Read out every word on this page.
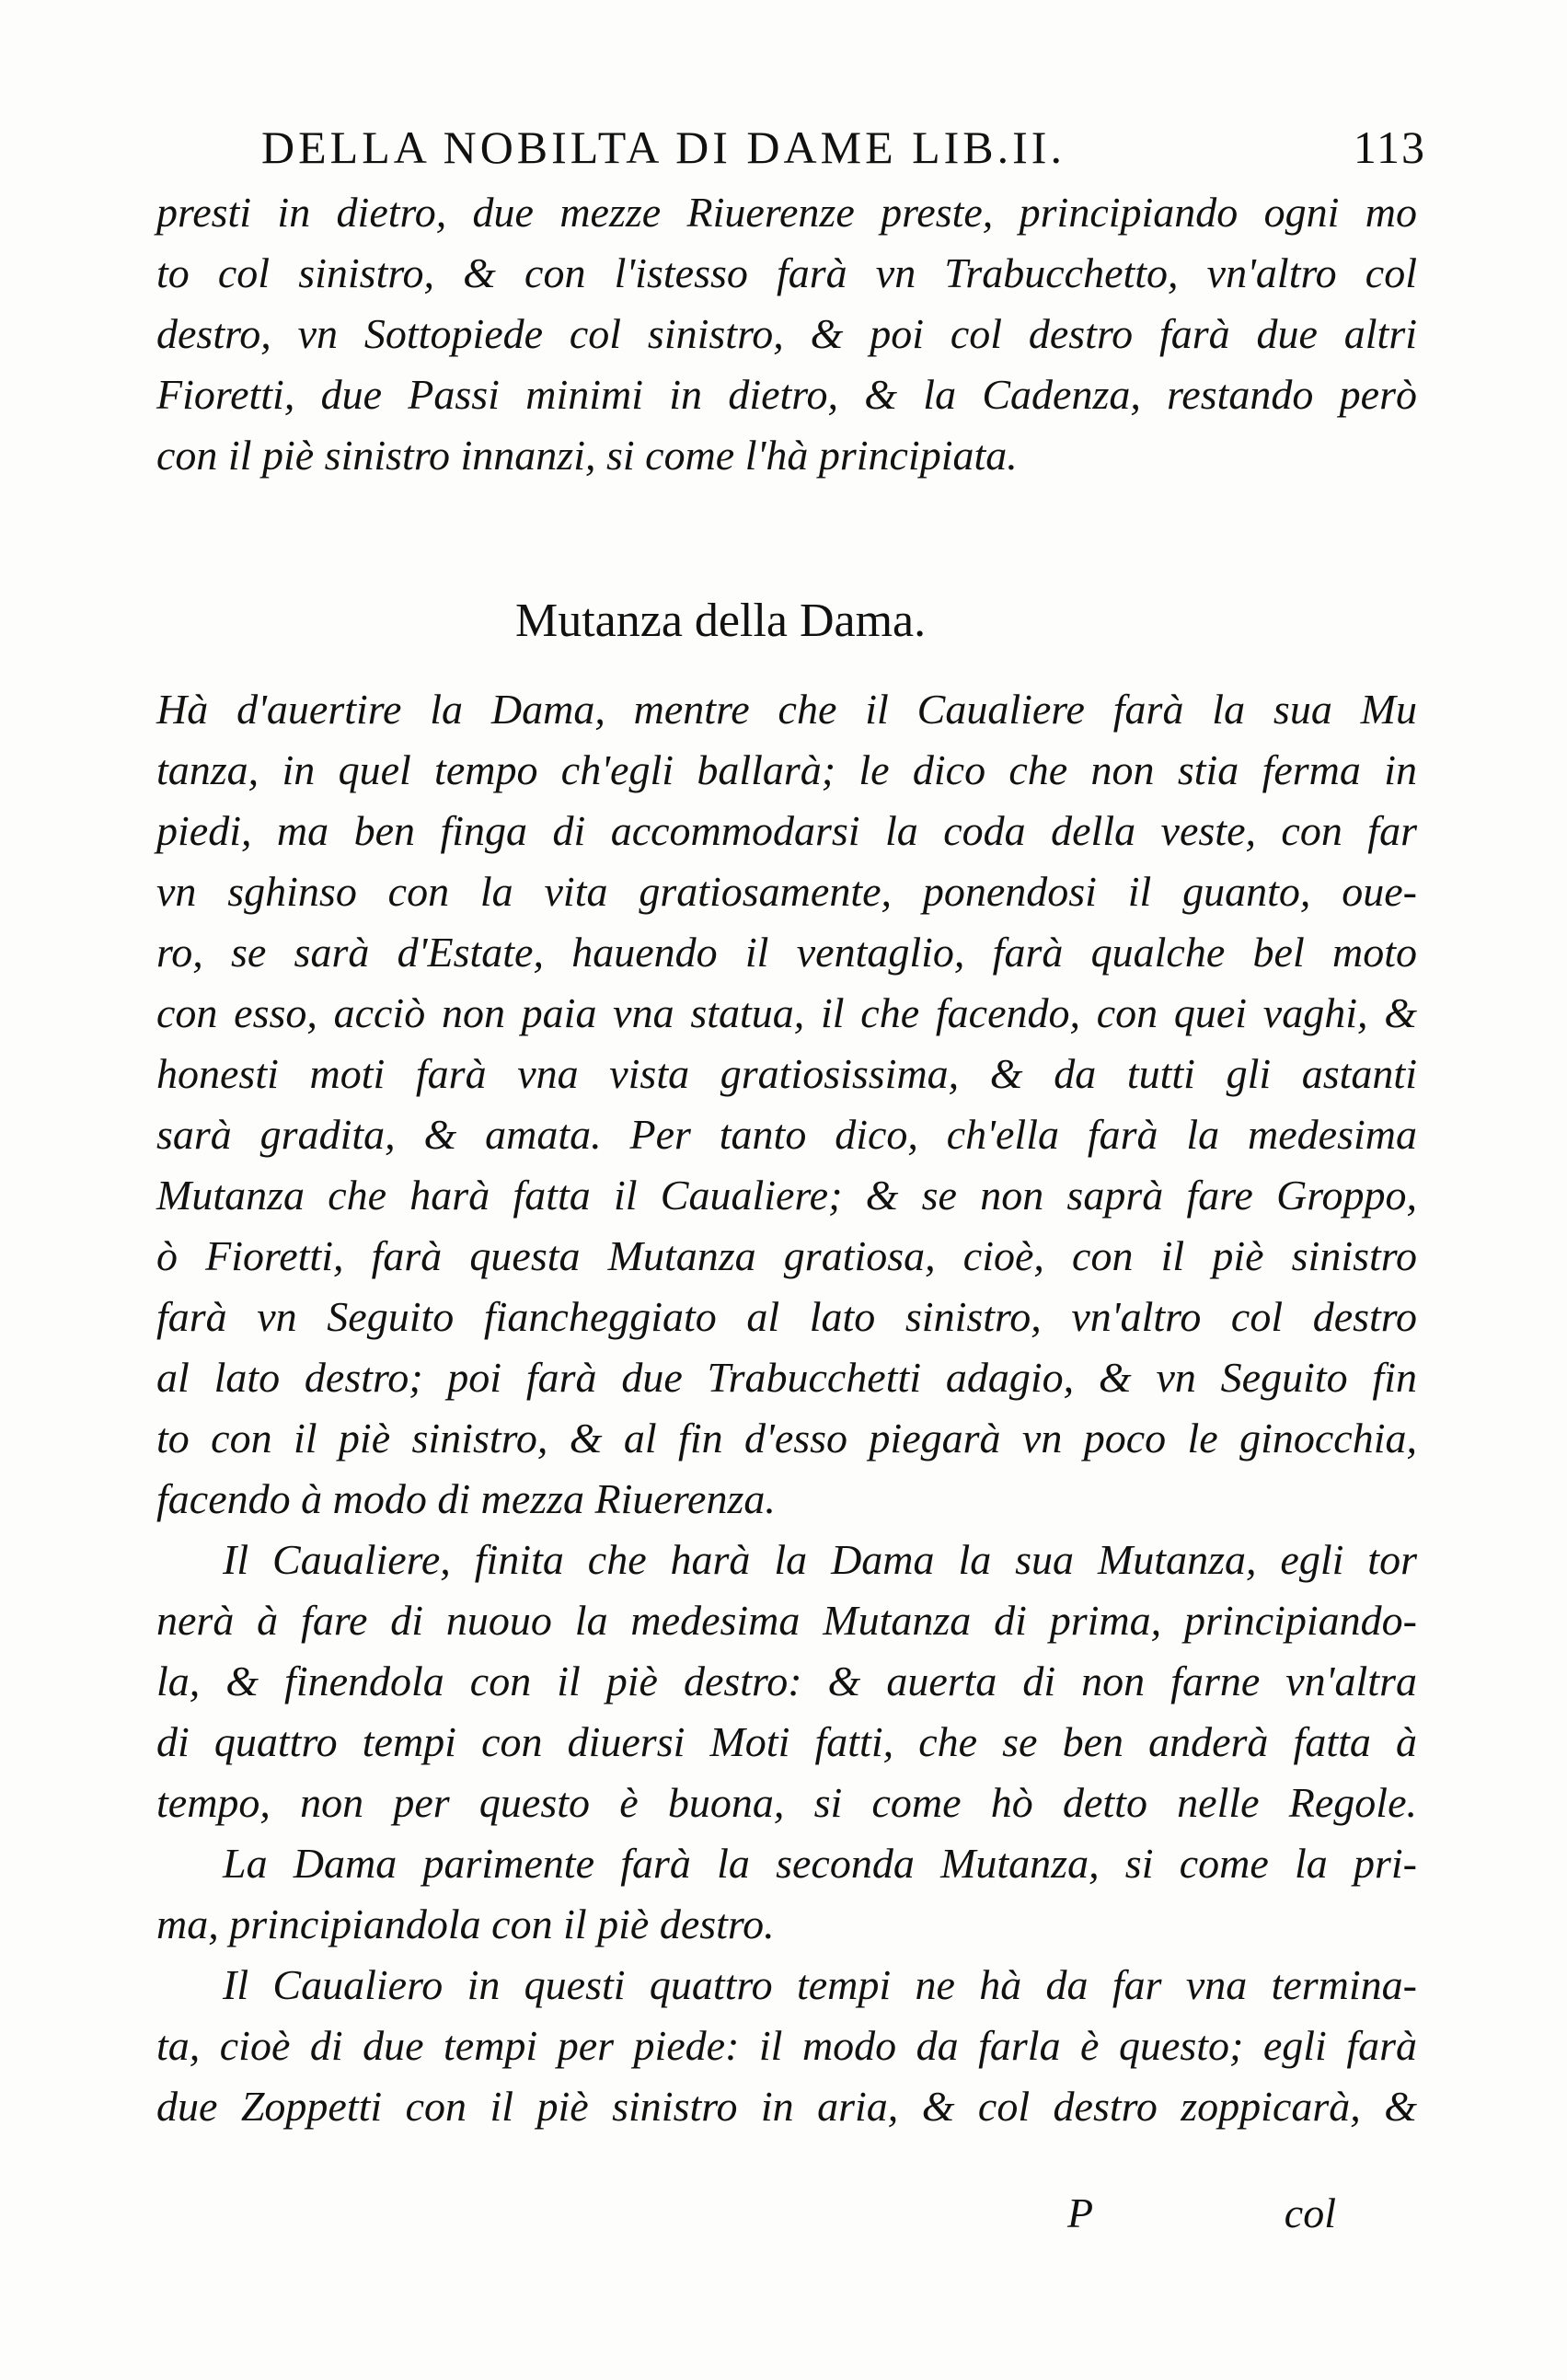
DELLA NOBILTA DI DAME LIB.II.	113
presti in dietro, due mezze Riuerenze preste, principiando ogni mo
to col sinistro, & con l'istesso farà vn Trabucchetto, vn'altro col
destro, vn Sottopiede col sinistro, & poi col destro farà due altri
Fioretti, due Passi minimi in dietro, & la Cadenza, restando però
con il piè sinistro innanzi, si come l'hà principiata.
Mutanza della Dama.
Hà d'auertire la Dama, mentre che il Caualiere farà la sua Mu
tanza, in quel tempo ch'egli ballarà; le dico che non stia ferma in
piedi, ma ben finga di accommodarsi la coda della veste, con far
vn sghinso con la vita gratiosamente, ponendosi il guanto, oue-
ro, se sarà d'Estate, hauendo il ventaglio, farà qualche bel moto
con esso, acciò non paia vna statua, il che facendo, con quei vaghi, &
honesti moti farà vna vista gratiosissima, & da tutti gli astanti
sarà gradita, & amata. Per tanto dico, ch'ella farà la medesima
Mutanza che harà fatta il Caualiere; & se non saprà fare Groppo,
ò Fioretti, farà questa Mutanza gratiosa, cioè, con il piè sinistro
farà vn Seguito fiancheggiato al lato sinistro, vn'altro col destro
al lato destro; poi farà due Trabucchetti adagio, & vn Seguito fin
to con il piè sinistro, & al fin d'esso piegarà vn poco le ginocchia,
facendo à modo di mezza Riuerenza.
Il Caualiere, finita che harà la Dama la sua Mutanza, egli tor
nerà à fare di nuouo la medesima Mutanza di prima, principiando-
la, & finendola con il piè destro: & auerta di non farne vn'altra
di quattro tempi con diuersi Moti fatti, che se ben anderà fatta à
tempo, non per questo è buona, si come hò detto nelle Regole.
La Dama parimente farà la seconda Mutanza, si come la pri-
ma, principiandola con il piè destro.
Il Caualiero in questi quattro tempi ne hà da far vna termina-
ta, cioè di due tempi per piede: il modo da farla è questo; egli farà
due Zoppetti con il piè sinistro in aria, & col destro zoppicarà, &
P	col
